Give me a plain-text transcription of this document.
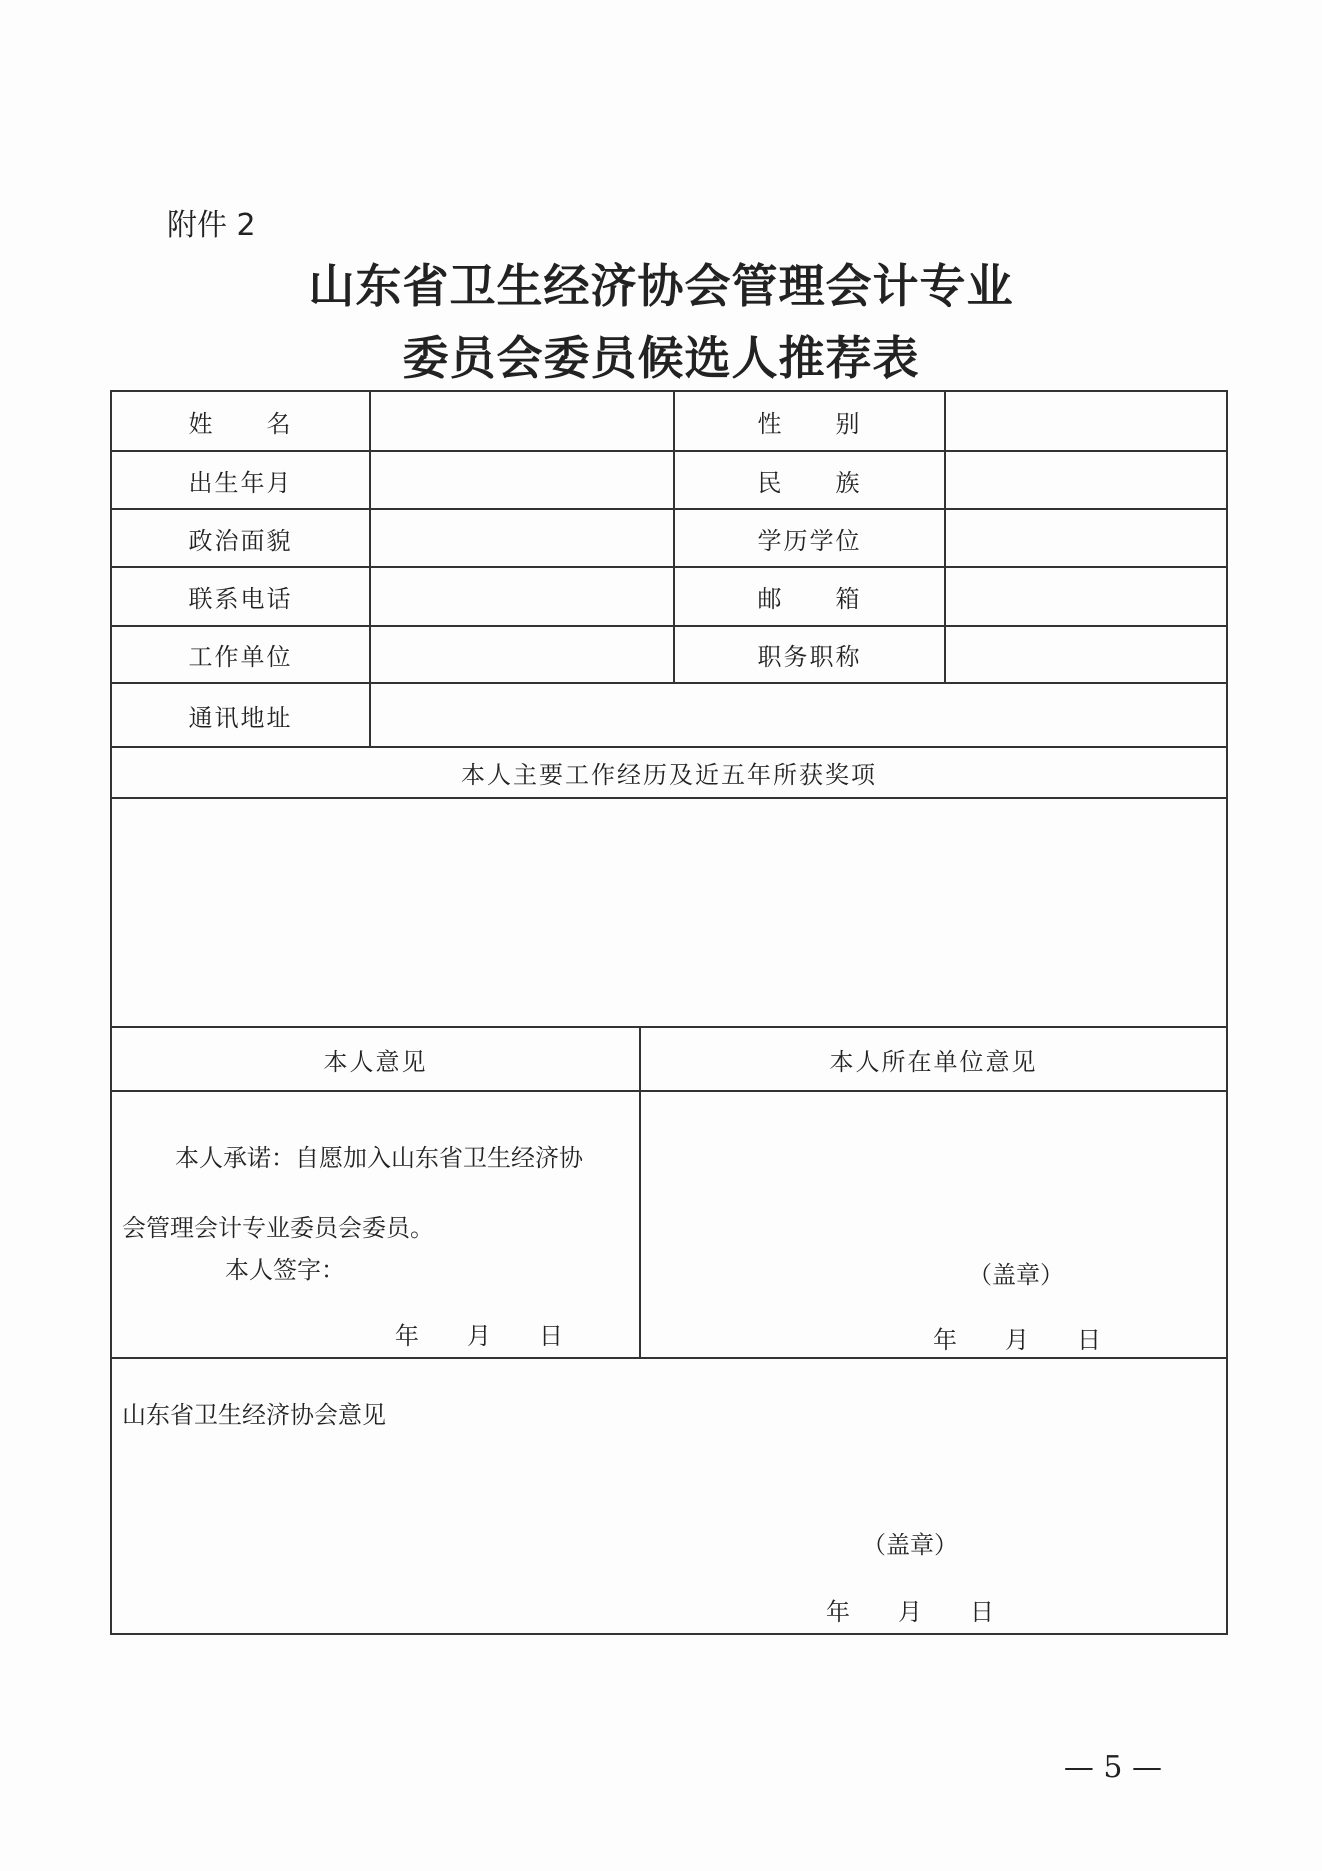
附件 2
山东省卫生经济协会管理会计专业
委员会委员候选人推荐表
姓　　名	性　　别
出生年月	民　　族
政治面貌	学历学位
联系电话	邮　　箱
工作单位	职务职称
通讯地址
本人主要工作经历及近五年所获奖项
本人意见	本人所在单位意见
本人承诺：自愿加入山东省卫生经济协
会管理会计专业委员会委员。
本人签字：
年　　月　　日
（盖章）
年　　月　　日
山东省卫生经济协会意见
（盖章）
年　　月　　日
— 5 —
